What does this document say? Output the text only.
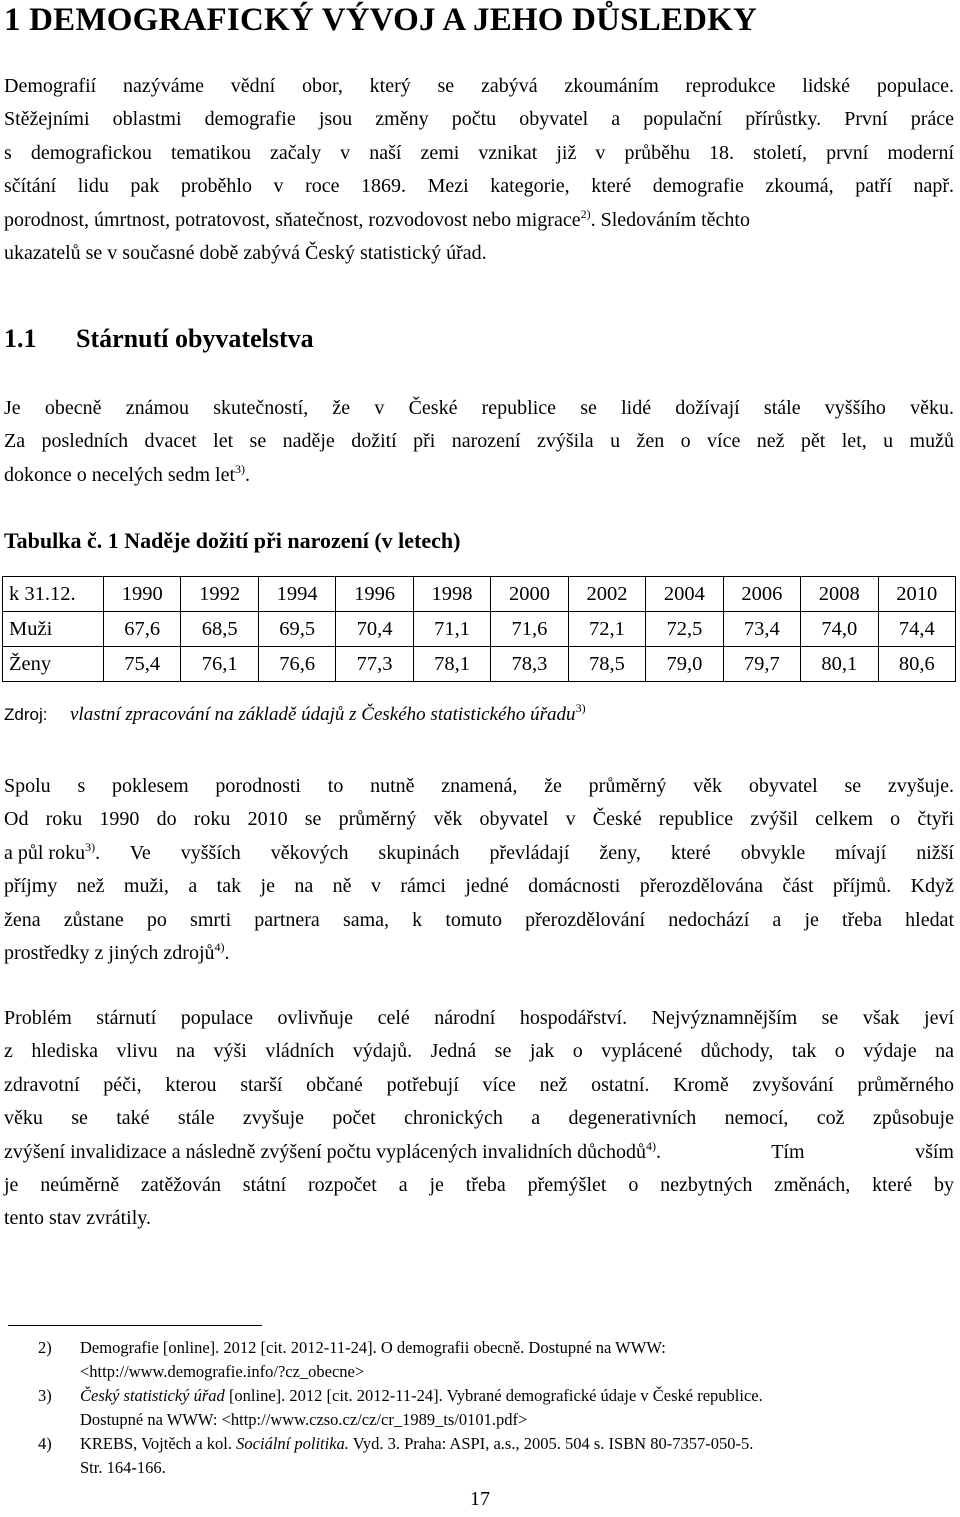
1 DEMOGRAFICKÝ VÝVOJ A JEHO DŮSLEDKY
Demografií nazýváme vědní obor, který se zabývá zkoumáním reprodukce lidské populace.
Stěžejními oblastmi demografie jsou změny počtu obyvatel a populační přírůstky. První práce
s demografickou tematikou začaly v naší zemi vznikat již v průběhu 18. století, první moderní
sčítání lidu pak proběhlo v roce 1869. Mezi kategorie, které demografie zkoumá, patří např.
porodnost, úmrtnost, potratovost, sňatečnost, rozvodovost nebo migrace$^{2)}$. Sledováním těchto
ukazatelů se v současné době zabývá Český statistický úřad.
1.1 Stárnutí obyvatelstva
Je obecně známou skutečností, že v České republice se lidé dožívají stále vyššího věku.
Za posledních dvacet let se naděje dožití při narození zvýšila u žen o více než pět let, u mužů
dokonce o necelých sedm let$^{3)}$.
Tabulka č. 1 Naděje dožití při narození (v letech)
k 31.12.	1990	1992	1994	1996	1998	2000	2002	2004	2006	2008	2010
Muži	67,6	68,5	69,5	70,4	71,1	71,6	72,1	72,5	73,4	74,0	74,4
Ženy	75,4	76,1	76,6	77,3	78,1	78,3	78,5	79,0	79,7	80,1	80,6
Zdroj: vlastní zpracování na základě údajů z Českého statistického úřadu$^{3)}$
Spolu s poklesem porodnosti to nutně znamená, že průměrný věk obyvatel se zvyšuje.
Od roku 1990 do roku 2010 se průměrný věk obyvatel v České republice zvýšil celkem o čtyři
a půl roku$^{3)}$ . Ve vyšších věkových skupinách převládají ženy, které obvykle mívají nižší
příjmy než muži, a tak je na ně v rámci jedné domácnosti přerozdělována část příjmů. Když
žena zůstane po smrti partnera sama, k tomuto přerozdělování nedochází a je třeba hledat
prostředky z jiných zdrojů$^{4)}$.
Problém stárnutí populace ovlivňuje celé národní hospodářství. Nejvýznamnějším se však jeví
z hlediska vlivu na výši vládních výdajů. Jedná se jak o vyplácené důchody, tak o výdaje na
zdravotní péči, kterou starší občané potřebují více než ostatní. Kromě zvyšování průměrného
věku se také stále zvyšuje počet chronických a degenerativních nemocí, což způsobuje
zvýšení invalidizace a následně zvýšení počtu vyplácených invalidních důchodů$^{4)}$ . Tím vším
je neúměrně zatěžován státní rozpočet a je třeba přemýšlet o nezbytných změnách, které by
tento stav zvrátily.
2) Demografie [online]. 2012 [cit. 2012-11-24]. O demografii obecně. Dostupné na WWW:
<http://www.demografie.info/?cz_obecne>
3) Český statistický úřad [online]. 2012 [cit. 2012-11-24]. Vybrané demografické údaje v České republice.
Dostupné na WWW: <http://www.czso.cz/cz/cr_1989_ts/0101.pdf>
4) KREBS, Vojtěch a kol. Sociální politika. Vyd. 3. Praha: ASPI, a.s., 2005. 504 s. ISBN 80-7357-050-5.
Str. 164-166.
17
